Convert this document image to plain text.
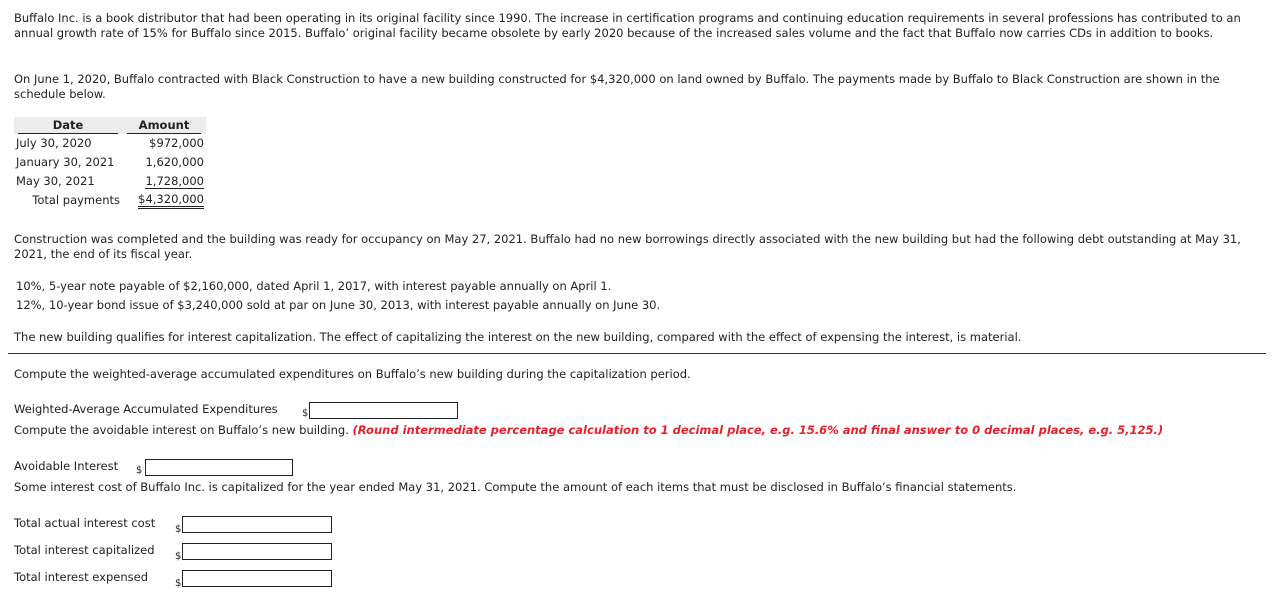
Buffalo Inc. is a book distributor that had been operating in its original facility since 1990. The increase in certification programs and continuing education requirements in several professions has contributed to an annual growth rate of 15% for Buffalo since 2015. Buffalo’ original facility became obsolete by early 2020 because of the increased sales volume and the fact that Buffalo now carries CDs in addition to books.

On June 1, 2020, Buffalo contracted with Black Construction to have a new building constructed for $4,320,000 on land owned by Buffalo. The payments made by Buffalo to Black Construction are shown in the schedule below.

Date	Amount
July 30, 2020	$972,000
January 30, 2021	1,620,000
May 30, 2021	1,728,000
Total payments	$4,320,000

Construction was completed and the building was ready for occupancy on May 27, 2021. Buffalo had no new borrowings directly associated with the new building but had the following debt outstanding at May 31, 2021, the end of its fiscal year.

10%, 5-year note payable of $2,160,000, dated April 1, 2017, with interest payable annually on April 1.

12%, 10-year bond issue of $3,240,000 sold at par on June 30, 2013, with interest payable annually on June 30.

The new building qualifies for interest capitalization. The effect of capitalizing the interest on the new building, compared with the effect of expensing the interest, is material.

Compute the weighted-average accumulated expenditures on Buffalo’s new building during the capitalization period.

Weighted-Average Accumulated Expenditures $

Compute the avoidable interest on Buffalo’s new building. (Round intermediate percentage calculation to 1 decimal place, e.g. 15.6% and final answer to 0 decimal places, e.g. 5,125.)

Avoidable Interest $

Some interest cost of Buffalo Inc. is capitalized for the year ended May 31, 2021. Compute the amount of each items that must be disclosed in Buffalo’s financial statements.

Total actual interest cost $
Total interest capitalized $
Total interest expensed	$
